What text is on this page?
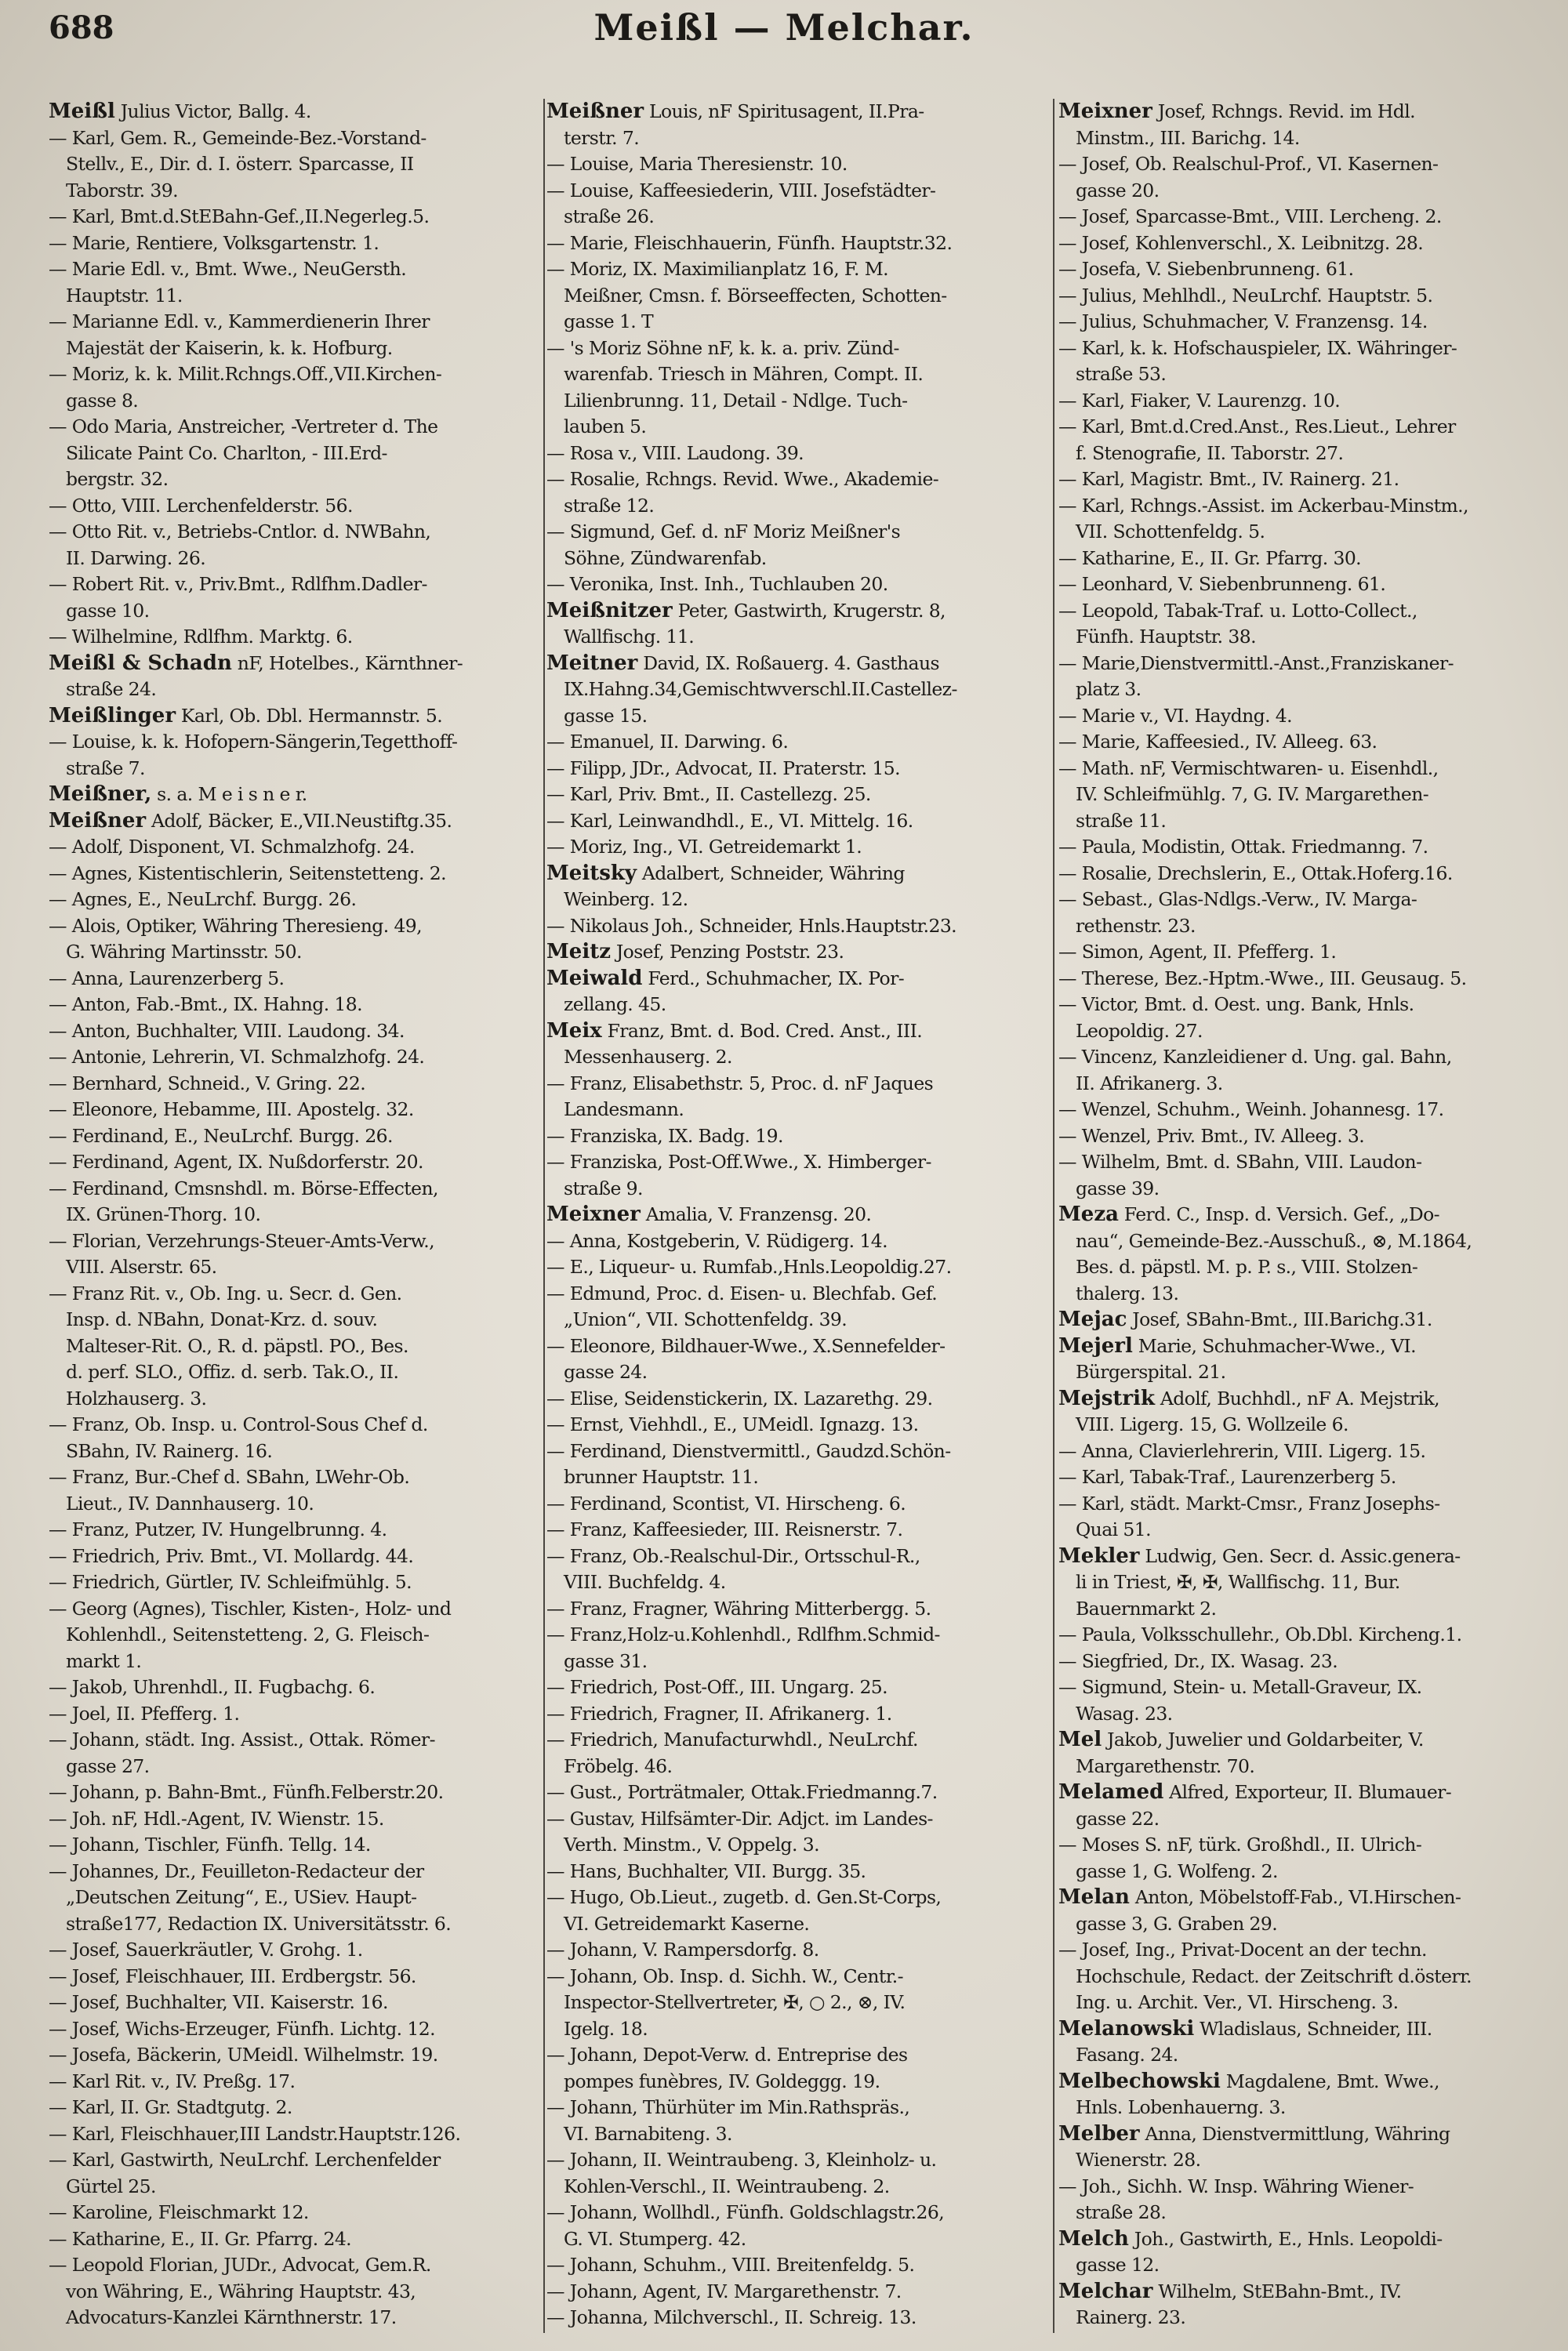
688	Meißl — Melchar.
Meißl Julius Victor, Ballg. 4.
— Karl, Gem. R., Gemeinde-Bez.-Vorstand-
Stellv., E., Dir. d. I. österr. Sparcasse, II
Taborstr. 39.
— Karl, Bmt.d.StEBahn-Gef.,II.Negerleg.5.
— Marie, Rentiere, Volksgartenstr. 1.
— Marie Edl. v., Bmt. Wwe., NeuGersth.
Hauptstr. 11.
— Marianne Edl. v., Kammerdienerin Ihrer
Majestät der Kaiserin, k. k. Hofburg.
— Moriz, k. k. Milit.Rchngs.Off.,VII.Kirchen-
gasse 8.
— Odo Maria, Anstreicher, -Vertreter d. The
Silicate Paint Co. Charlton, - III.Erd-
bergstr. 32.
— Otto, VIII. Lerchenfelderstr. 56.
— Otto Rit. v., Betriebs-Cntlor. d. NWBahn,
II. Darwing. 26.
— Robert Rit. v., Priv.Bmt., Rdlfhm.Dadler-
gasse 10.
— Wilhelmine, Rdlfhm. Marktg. 6.
Meißl & Schadn nF, Hotelbes., Kärnthner-
straße 24.
Meißlinger Karl, Ob. Dbl. Hermannstr. 5.
— Louise, k. k. Hofopern-Sängerin,Tegetthoff-
straße 7.
Meißner, s. a. M e i s n e r.
Meißner Adolf, Bäcker, E.,VII.Neustiftg.35.
— Adolf, Disponent, VI. Schmalzhofg. 24.
— Agnes, Kistentischlerin, Seitenstetteng. 2.
— Agnes, E., NeuLrchf. Burgg. 26.
— Alois, Optiker, Währing Theresieng. 49,
G. Währing Martinsstr. 50.
— Anna, Laurenzerberg 5.
— Anton, Fab.-Bmt., IX. Hahng. 18.
— Anton, Buchhalter, VIII. Laudong. 34.
— Antonie, Lehrerin, VI. Schmalzhofg. 24.
— Bernhard, Schneid., V. Gring. 22.
— Eleonore, Hebamme, III. Apostelg. 32.
— Ferdinand, E., NeuLrchf. Burgg. 26.
— Ferdinand, Agent, IX. Nußdorferstr. 20.
— Ferdinand, Cmsnshdl. m. Börse-Effecten,
IX. Grünen-Thorg. 10.
— Florian, Verzehrungs-Steuer-Amts-Verw.,
VIII. Alserstr. 65.
— Franz Rit. v., Ob. Ing. u. Secr. d. Gen.
Insp. d. NBahn, Donat-Krz. d. souv.
Malteser-Rit. O., R. d. päpstl. PO., Bes.
d. perf. SLO., Offiz. d. serb. Tak.O., II.
Holzhauserg. 3.
— Franz, Ob. Insp. u. Control-Sous Chef d.
SBahn, IV. Rainerg. 16.
— Franz, Bur.-Chef d. SBahn, LWehr-Ob.
Lieut., IV. Dannhauserg. 10.
— Franz, Putzer, IV. Hungelbrunng. 4.
— Friedrich, Priv. Bmt., VI. Mollardg. 44.
— Friedrich, Gürtler, IV. Schleifmühlg. 5.
— Georg (Agnes), Tischler, Kisten-, Holz- und
Kohlenhdl., Seitenstetteng. 2, G. Fleisch-
markt 1.
— Jakob, Uhrenhdl., II. Fugbachg. 6.
— Joel, II. Pfefferg. 1.
— Johann, städt. Ing. Assist., Ottak. Römer-
gasse 27.
— Johann, p. Bahn-Bmt., Fünfh.Felberstr.20.
— Joh. nF, Hdl.-Agent, IV. Wienstr. 15.
— Johann, Tischler, Fünfh. Tellg. 14.
— Johannes, Dr., Feuilleton-Redacteur der
„Deutschen Zeitung“, E., USiev. Haupt-
straße177, Redaction IX. Universitätsstr. 6.
— Josef, Sauerkräutler, V. Grohg. 1.
— Josef, Fleischhauer, III. Erdbergstr. 56.
— Josef, Buchhalter, VII. Kaiserstr. 16.
— Josef, Wichs-Erzeuger, Fünfh. Lichtg. 12.
— Josefa, Bäckerin, UMeidl. Wilhelmstr. 19.
— Karl Rit. v., IV. Preßg. 17.
— Karl, II. Gr. Stadtgutg. 2.
— Karl, Fleischhauer,III Landstr.Hauptstr.126.
— Karl, Gastwirth, NeuLrchf. Lerchenfelder
Gürtel 25.
— Karoline, Fleischmarkt 12.
— Katharine, E., II. Gr. Pfarrg. 24.
— Leopold Florian, JUDr., Advocat, Gem.R.
von Währing, E., Währing Hauptstr. 43,
Advocaturs-Kanzlei Kärnthnerstr. 17.
Meißner Louis, nF Spiritusagent, II.Pra-
terstr. 7.
— Louise, Maria Theresienstr. 10.
— Louise, Kaffeesiederin, VIII. Josefstädter-
straße 26.
— Marie, Fleischhauerin, Fünfh. Hauptstr.32.
— Moriz, IX. Maximilianplatz 16, F. M.
Meißner, Cmsn. f. Börseeffecten, Schotten-
gasse 1. T
— 's Moriz Söhne nF, k. k. a. priv. Zünd-
warenfab. Triesch in Mähren, Compt. II.
Lilienbrunng. 11, Detail - Ndlge. Tuch-
lauben 5.
— Rosa v., VIII. Laudong. 39.
— Rosalie, Rchngs. Revid. Wwe., Akademie-
straße 12.
— Sigmund, Gef. d. nF Moriz Meißner's
Söhne, Zündwarenfab.
— Veronika, Inst. Inh., Tuchlauben 20.
Meißnitzer Peter, Gastwirth, Krugerstr. 8,
Wallfischg. 11.
Meitner David, IX. Roßauerg. 4. Gasthaus
IX.Hahng.34,Gemischtwverschl.II.Castellez-
gasse 15.
— Emanuel, II. Darwing. 6.
— Filipp, JDr., Advocat, II. Praterstr. 15.
— Karl, Priv. Bmt., II. Castellezg. 25.
— Karl, Leinwandhdl., E., VI. Mittelg. 16.
— Moriz, Ing., VI. Getreidemarkt 1.
Meitsky Adalbert, Schneider, Währing
Weinberg. 12.
— Nikolaus Joh., Schneider, Hnls.Hauptstr.23.
Meitz Josef, Penzing Poststr. 23.
Meiwald Ferd., Schuhmacher, IX. Por-
zellang. 45.
Meix Franz, Bmt. d. Bod. Cred. Anst., III.
Messenhauserg. 2.
— Franz, Elisabethstr. 5, Proc. d. nF Jaques
Landesmann.
— Franziska, IX. Badg. 19.
— Franziska, Post-Off.Wwe., X. Himberger-
straße 9.
Meixner Amalia, V. Franzensg. 20.
— Anna, Kostgeberin, V. Rüdigerg. 14.
— E., Liqueur- u. Rumfab.,Hnls.Leopoldig.27.
— Edmund, Proc. d. Eisen- u. Blechfab. Gef.
„Union“, VII. Schottenfeldg. 39.
— Eleonore, Bildhauer-Wwe., X.Sennefelder-
gasse 24.
— Elise, Seidenstickerin, IX. Lazarethg. 29.
— Ernst, Viehhdl., E., UMeidl. Ignazg. 13.
— Ferdinand, Dienstvermittl., Gaudzd.Schön-
brunner Hauptstr. 11.
— Ferdinand, Scontist, VI. Hirscheng. 6.
— Franz, Kaffeesieder, III. Reisnerstr. 7.
— Franz, Ob.-Realschul-Dir., Ortsschul-R.,
VIII. Buchfeldg. 4.
— Franz, Fragner, Währing Mitterbergg. 5.
— Franz,Holz-u.Kohlenhdl., Rdlfhm.Schmid-
gasse 31.
— Friedrich, Post-Off., III. Ungarg. 25.
— Friedrich, Fragner, II. Afrikanerg. 1.
— Friedrich, Manufacturwhdl., NeuLrchf.
Fröbelg. 46.
— Gust., Porträtmaler, Ottak.Friedmanng.7.
— Gustav, Hilfsämter-Dir. Adjct. im Landes-
Verth. Minstm., V. Oppelg. 3.
— Hans, Buchhalter, VII. Burgg. 35.
— Hugo, Ob.Lieut., zugetb. d. Gen.St-Corps,
VI. Getreidemarkt Kaserne.
— Johann, V. Rampersdorfg. 8.
— Johann, Ob. Insp. d. Sichh. W., Centr.-
Inspector-Stellvertreter, ✠, ○ 2., ⊗, IV.
Igelg. 18.
— Johann, Depot-Verw. d. Entreprise des
pompes funèbres, IV. Goldeggg. 19.
— Johann, Thürhüter im Min.Rathspräs.,
VI. Barnabiteng. 3.
— Johann, II. Weintraubeng. 3, Kleinholz- u.
Kohlen-Verschl., II. Weintraubeng. 2.
— Johann, Wollhdl., Fünfh. Goldschlagstr.26,
G. VI. Stumperg. 42.
— Johann, Schuhm., VIII. Breitenfeldg. 5.
— Johann, Agent, IV. Margarethenstr. 7.
— Johanna, Milchverschl., II. Schreig. 13.
Meixner Josef, Rchngs. Revid. im Hdl.
Minstm., III. Barichg. 14.
— Josef, Ob. Realschul-Prof., VI. Kasernen-
gasse 20.
— Josef, Sparcasse-Bmt., VIII. Lercheng. 2.
— Josef, Kohlenverschl., X. Leibnitzg. 28.
— Josefa, V. Siebenbrunneng. 61.
— Julius, Mehlhdl., NeuLrchf. Hauptstr. 5.
— Julius, Schuhmacher, V. Franzensg. 14.
— Karl, k. k. Hofschauspieler, IX. Währinger-
straße 53.
— Karl, Fiaker, V. Laurenzg. 10.
— Karl, Bmt.d.Cred.Anst., Res.Lieut., Lehrer
f. Stenografie, II. Taborstr. 27.
— Karl, Magistr. Bmt., IV. Rainerg. 21.
— Karl, Rchngs.-Assist. im Ackerbau-Minstm.,
VII. Schottenfeldg. 5.
— Katharine, E., II. Gr. Pfarrg. 30.
— Leonhard, V. Siebenbrunneng. 61.
— Leopold, Tabak-Traf. u. Lotto-Collect.,
Fünfh. Hauptstr. 38.
— Marie,Dienstvermittl.-Anst.,Franziskaner-
platz 3.
— Marie v., VI. Haydng. 4.
— Marie, Kaffeesied., IV. Alleeg. 63.
— Math. nF, Vermischtwaren- u. Eisenhdl.,
IV. Schleifmühlg. 7, G. IV. Margarethen-
straße 11.
— Paula, Modistin, Ottak. Friedmanng. 7.
— Rosalie, Drechslerin, E., Ottak.Hoferg.16.
— Sebast., Glas-Ndlgs.-Verw., IV. Marga-
rethenstr. 23.
— Simon, Agent, II. Pfefferg. 1.
— Therese, Bez.-Hptm.-Wwe., III. Geusaug. 5.
— Victor, Bmt. d. Oest. ung. Bank, Hnls.
Leopoldig. 27.
— Vincenz, Kanzleidiener d. Ung. gal. Bahn,
II. Afrikanerg. 3.
— Wenzel, Schuhm., Weinh. Johannesg. 17.
— Wenzel, Priv. Bmt., IV. Alleeg. 3.
— Wilhelm, Bmt. d. SBahn, VIII. Laudon-
gasse 39.
Meza Ferd. C., Insp. d. Versich. Gef., „Do-
nau“, Gemeinde-Bez.-Ausschuß., ⊗, M.1864,
Bes. d. päpstl. M. p. P. s., VIII. Stolzen-
thalerg. 13.
Mejac Josef, SBahn-Bmt., III.Barichg.31.
Mejerl Marie, Schuhmacher-Wwe., VI.
Bürgerspital. 21.
Mejstrik Adolf, Buchhdl., nF A. Mejstrik,
VIII. Ligerg. 15, G. Wollzeile 6.
— Anna, Clavierlehrerin, VIII. Ligerg. 15.
— Karl, Tabak-Traf., Laurenzerberg 5.
— Karl, städt. Markt-Cmsr., Franz Josephs-
Quai 51.
Mekler Ludwig, Gen. Secr. d. Assic.genera-
li in Triest, ✠, ✠, Wallfischg. 11, Bur.
Bauernmarkt 2.
— Paula, Volksschullehr., Ob.Dbl. Kircheng.1.
— Siegfried, Dr., IX. Wasag. 23.
— Sigmund, Stein- u. Metall-Graveur, IX.
Wasag. 23.
Mel Jakob, Juwelier und Goldarbeiter, V.
Margarethenstr. 70.
Melamed Alfred, Exporteur, II. Blumauer-
gasse 22.
— Moses S. nF, türk. Großhdl., II. Ulrich-
gasse 1, G. Wolfeng. 2.
Melan Anton, Möbelstoff-Fab., VI.Hirschen-
gasse 3, G. Graben 29.
— Josef, Ing., Privat-Docent an der techn.
Hochschule, Redact. der Zeitschrift d.österr.
Ing. u. Archit. Ver., VI. Hirscheng. 3.
Melanowski Wladislaus, Schneider, III.
Fasang. 24.
Melbechowski Magdalene, Bmt. Wwe.,
Hnls. Lobenhauerng. 3.
Melber Anna, Dienstvermittlung, Währing
Wienerstr. 28.
— Joh., Sichh. W. Insp. Währing Wiener-
straße 28.
Melch Joh., Gastwirth, E., Hnls. Leopoldi-
gasse 12.
Melchar Wilhelm, StEBahn-Bmt., IV.
Rainerg. 23.
